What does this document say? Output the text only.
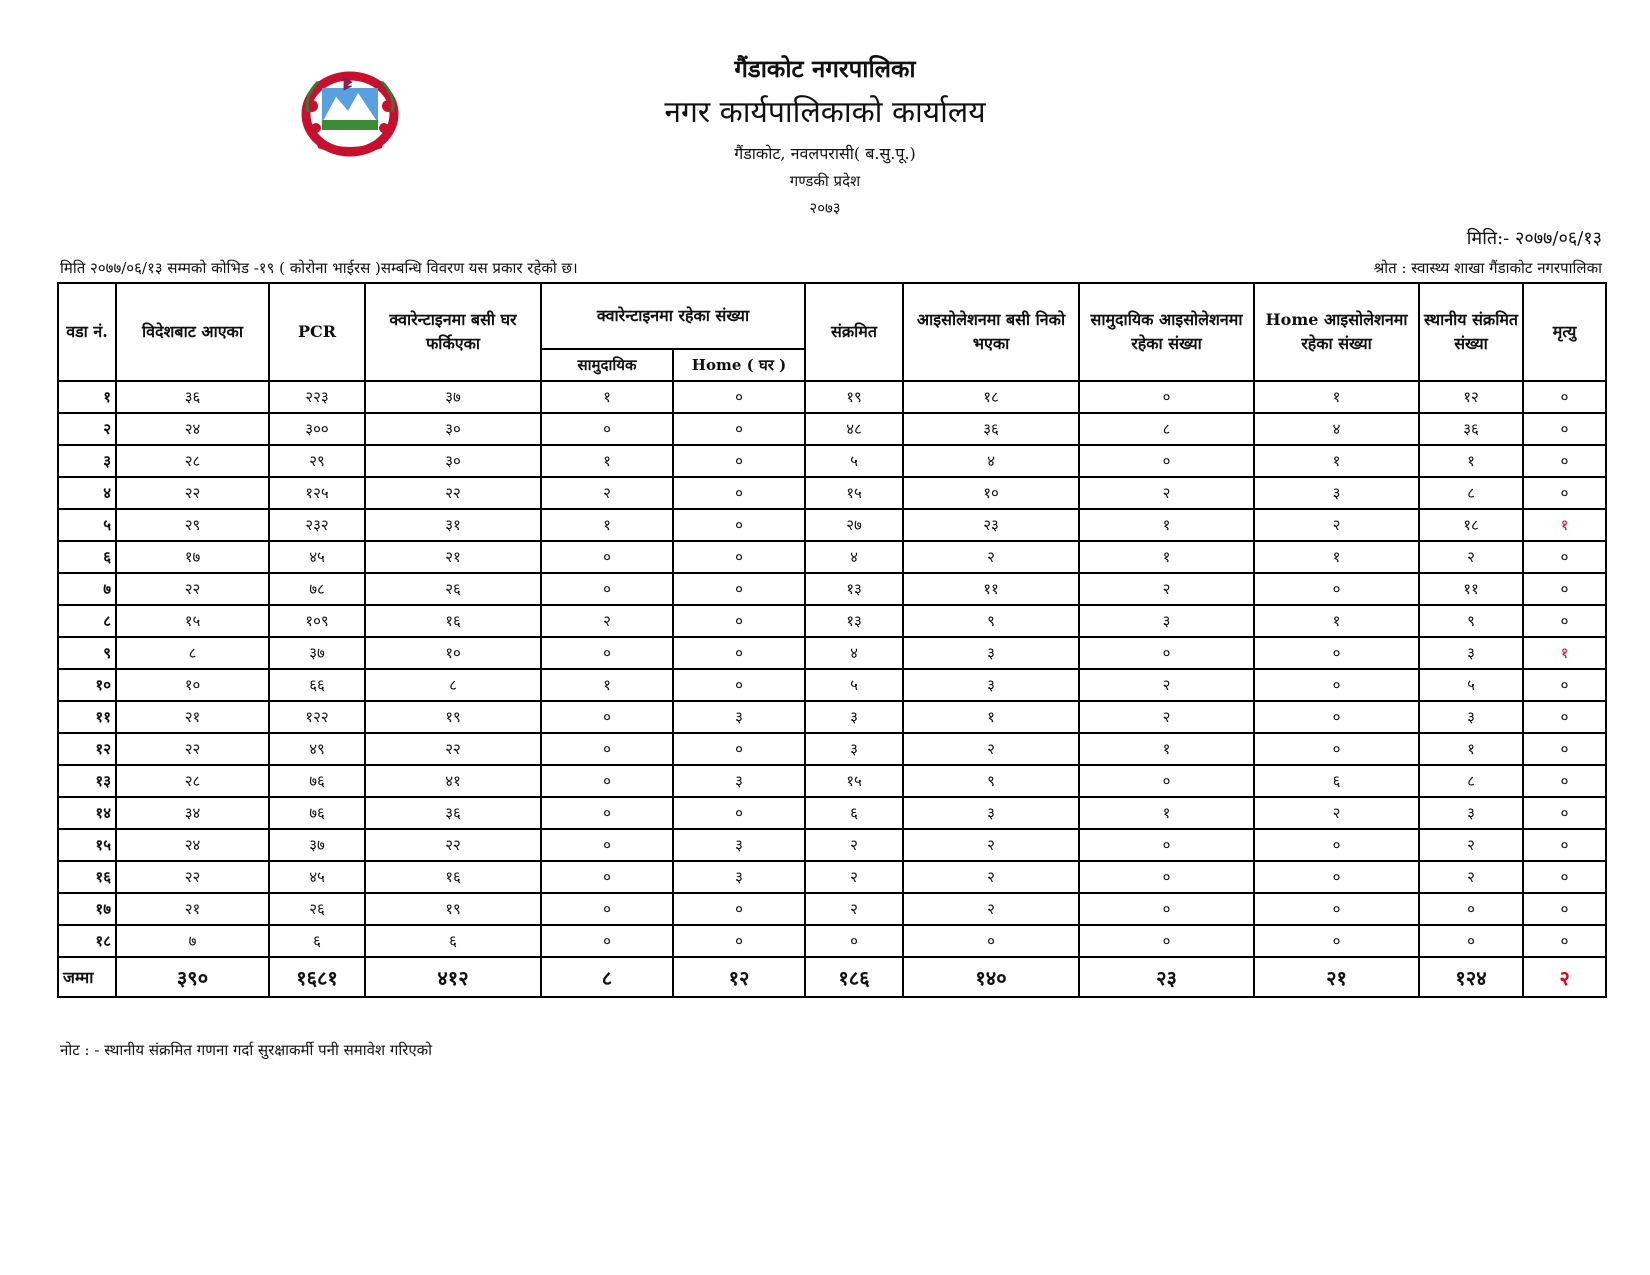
गैंडाकोट नगरपालिका
नगर कार्यपालिकाको कार्यालय
गैंडाकोट, नवलपरासी( ब.सु.पू.)
गण्डकी प्रदेश
२०७३
मिति:- २०७७/०६/१३
मिति २०७७/०६/१३ सम्मको कोभिड -१९ ( कोरोना भाईरस )सम्बन्धि विवरण यस प्रकार रहेको छ।	श्रोत : स्वास्थ्य शाखा गैंडाकोट नगरपालिका
वडा नं.	विदेशबाट आएका	PCR	क्वारेन्टाइनमा बसी घर फर्किएका	क्वारेन्टाइनमा रहेका संख्या		संक्रमित	आइसोलेशनमा बसी निको भएका	सामुदायिक आइसोलेशनमा रहेका संख्या	Home आइसोलेशनमा रहेका संख्या	स्थानीय संक्रमित संख्या	मृत्यु
				सामुदायिक	Home ( घर )						
१	३६	२२३	३७	१	०	१९	१८	०	१	१२	०
२	२४	३००	३०	०	०	४८	३६	८	४	३६	०
३	२८	२९	३०	१	०	५	४	०	१	१	०
४	२२	१२५	२२	२	०	१५	१०	२	३	८	०
५	२९	२३२	३१	१	०	२७	२३	१	२	१८	१
६	१७	४५	२१	०	०	४	२	१	१	२	०
७	२२	७८	२६	०	०	१३	११	२	०	११	०
८	१५	१०९	१६	२	०	१३	९	३	१	९	०
९	८	३७	१०	०	०	४	३	०	०	३	१
१०	१०	६६	८	१	०	५	३	२	०	५	०
११	२१	१२२	१९	०	३	३	१	२	०	३	०
१२	२२	४९	२२	०	०	३	२	१	०	१	०
१३	२८	७६	४१	०	३	१५	९	०	६	८	०
१४	३४	७६	३६	०	०	६	३	१	२	३	०
१५	२४	३७	२२	०	३	२	२	०	०	२	०
१६	२२	४५	१६	०	३	२	२	०	०	२	०
१७	२१	२६	१९	०	०	२	२	०	०	०	०
१८	७	६	६	०	०	०	०	०	०	०	०
जम्मा	३९०	१६८१	४१२	८	१२	१८६	१४०	२३	२१	१२४	२
नोट : - स्थानीय संक्रमित गणना गर्दा सुरक्षाकर्मी पनी समावेश गरिएको
